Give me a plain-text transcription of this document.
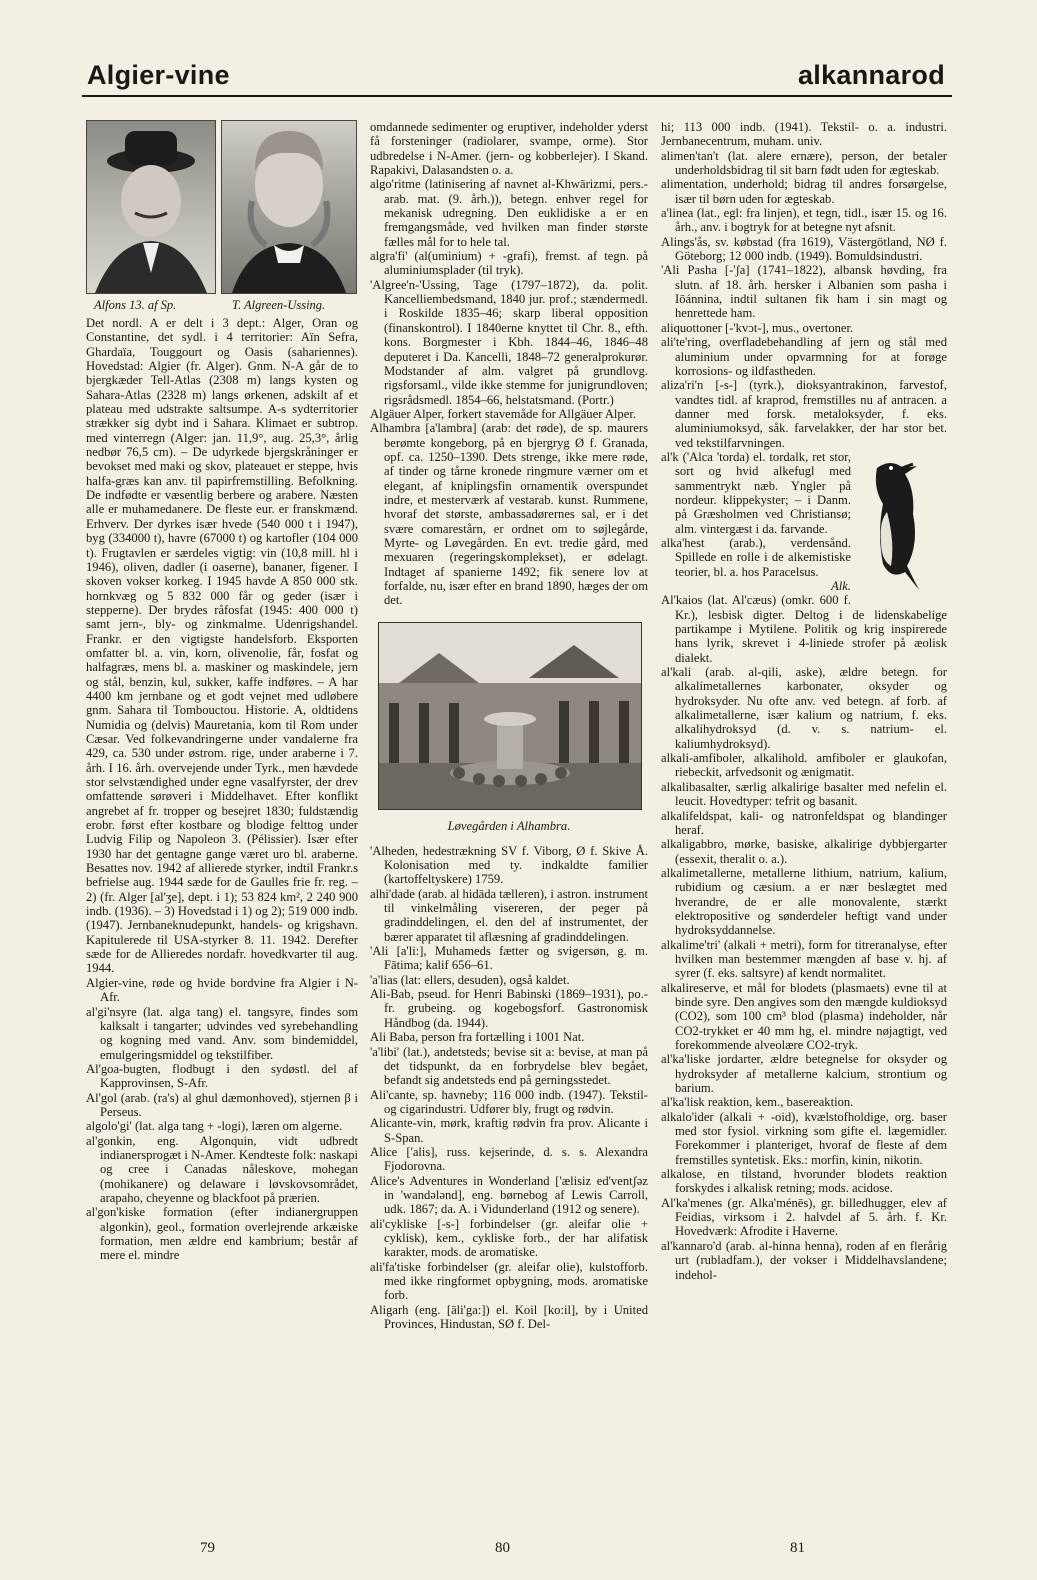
Algier-vine	alkannarod
Alfons 13. af Sp.	T. Algreen-Ussing.

Det nordl. A er delt i 3 dept.: Alger, Oran og Constantine, det sydl. i 4 territorier: Aïn Sefra, Ghardaïa, Touggourt og Oasis (sahariennes). Hovedstad: Algier (fr. Alger). Gnm. N-A går de to bjergkæder Tell-Atlas (2308 m) langs kysten og Sahara-Atlas (2328 m) langs ørkenen, adskilt af et plateau med udstrakte saltsumpe. A-s sydterritorier strækker sig dybt ind i Sahara. Klimaet er subtrop. med vinterregn (Alger: jan. 11,9°, aug. 25,3°, årlig nedbør 76,5 cm). – De udyrkede bjergskråninger er bevokset med maki og skov, plateauet er steppe, hvis halfa-græs kan anv. til papirfremstilling. Befolkning. De indfødte er væsentlig berbere og arabere. Næsten alle er muhamedanere. De fleste eur. er franskmænd. Erhverv. Der dyrkes især hvede (540 000 t i 1947), byg (334000 t), havre (67000 t) og kartofler (104 000 t). Frugtavlen er særdeles vigtig: vin (10,8 mill. hl i 1946), oliven, dadler (i oaserne), bananer, figener. I skoven vokser korkeg. I 1945 havde A 850 000 stk. hornkvæg og 5 832 000 får og geder (især i stepperne). Der brydes råfosfat (1945: 400 000 t) samt jern-, bly- og zinkmalme. Udenrigshandel. Frankr. er den vigtigste handelsforb. Eksporten omfatter bl. a. vin, korn, olivenolie, får, fosfat og halfagræs, mens bl. a. maskiner og maskindele, jern og stål, benzin, kul, sukker, kaffe indføres. – A har 4400 km jernbane og et godt vejnet med udløbere gnm. Sahara til Tombouctou. Historie. A, oldtidens Numidia og (delvis) Mauretania, kom til Rom under Cæsar. Ved folkevandringerne under vandalerne fra 429, ca. 530 under østrom. rige, under araberne i 7. årh. I 16. årh. overvejende under Tyrk., men hævdede stor selvstændighed under egne vasalfyrster, der drev omfattende sørøveri i Middelhavet. Efter konflikt angrebet af fr. tropper og besejret 1830; fuldstændig erobr. først efter kostbare og blodige felttog under Ludvig Filip og Napoleon 3. (Pélissier). Især efter 1930 har det gentagne gange været uro bl. araberne. Besattes nov. 1942 af allierede styrker, indtil Frankr.s befrielse aug. 1944 sæde for de Gaulles frie fr. reg. – 2) (fr. Alger [al'ʒe], dept. i 1); 53 824 km², 2 240 900 indb. (1936). – 3) Hovedstad i 1) og 2); 519 000 indb. (1947). Jernbaneknudepunkt, handels- og krigshavn. Kapitulerede til USA-styrker 8. 11. 1942. Derefter sæde for de Allieredes nordafr. hovedkvarter til aug. 1944.

Algier-vine, røde og hvide bordvine fra Algier i N-Afr.

al'gi'nsyre (lat. alga tang) el. tangsyre, findes som kalksalt i tangarter; udvindes ved syrebehandling og kogning med vand. Anv. som bindemiddel, emulgeringsmiddel og tekstilfiber.

Al'goa-bugten, flodbugt i den sydøstl. del af Kapprovinsen, S-Afr.

Al'gol (arab. (ra's) al ghul dæmonhoved), stjernen β i Perseus.

algolo'gi' (lat. alga tang + -logi), læren om algerne.

al'gonkin, eng. Algonquin, vidt udbredt indianersprogæt i N-Amer. Kendteste folk: naskapi og cree i Canadas nåleskove, mohegan (mohikanere) og delaware i løvskovsområdet, arapaho, cheyenne og blackfoot på prærien.

al'gon'kiske formation (efter indianergruppen algonkin), geol., formation overlejrende arkæiske formation, men ældre end kambrium; består af mere el. mindre

omdannede sedimenter og eruptiver, indeholder yderst få forsteninger (radiolarer, svampe, orme). Stor udbredelse i N-Amer. (jern- og kobberlejer). I Skand. Rapakivi, Dalasandsten o. a.

algo'ritme (latinisering af navnet al-Khwārizmi, pers.-arab. mat. (9. årh.)), betegn. enhver regel for mekanisk udregning. Den euklidiske a er en fremgangsmåde, ved hvilken man finder største fælles mål for to hele tal.

algra'fi' (al(uminium) + -grafi), fremst. af tegn. på aluminiumsplader (til tryk).

'Algree'n-'Ussing, Tage (1797–1872), da. polit. Kancelliembedsmand, 1840 jur. prof.; stændermedl. i Roskilde 1835–46; skarp liberal opposition (finanskontrol). I 1840erne knyttet til Chr. 8., efth. kons. Borgmester i Kbh. 1844–46, 1846–48 deputeret i Da. Kancelli, 1848–72 generalprokurør. Modstander af alm. valgret på grundlovg. rigsforsaml., vilde ikke stemme for junigrundloven; rigsrådsmedl. 1854–66, helstatsmand. (Portr.)

Algäuer Alper, forkert stavemåde for Allgäuer Alper.

Alhambra [a'lamb​ra] (arab: det røde), de sp. maurers berømte kongeborg, på en bjergryg Ø f. Granada, opf. ca. 1250–1390. Dets strenge, ikke mere røde, af tinder og tårne kronede ringmure værner om et elegant, af kniplingsfin ornamentik overspundet indre, et mesterværk af vestarab. kunst. Rummene, hvoraf det største, ambassadørernes sal, er i det svære comarestårn, er ordnet om to søjlegårde, Myrte- og Løvegården. En evt. tredie gård, med mexuaren (regeringskomplekset), er ødelagt. Indtaget af spanierne 1492; fik senere lov at forfalde, nu, især efter en brand 1890, hæges der om det.

Løvegården i Alhambra.

'Alheden, hedestrækning SV f. Viborg, Ø f. Skive Å. Kolonisation med ty. indkaldte familier (kartoffeltyskere) 1759.

alhi'dade (arab. al hidāda tælleren), i astron. instrument til vinkelmåling visereren, der peger på gradinddelingen, el. den del af instrumentet, der bærer apparatet til aflæsning af gradinddelingen.

'Ali [a'li:], Muhameds fætter og svigersøn, g. m. Fātima; kalif 656–61.

'a'lias (lat: ellers, desuden), også kaldet.

Ali-Bab, pseud. for Henri Babinski (1869–1931), po.-fr. grubeing. og kogebogsforf. Gastronomisk Håndbog (da. 1944).

Ali Baba, person fra fortælling i 1001 Nat.

'a'libi' (lat.), andetsteds; bevise sit a: bevise, at man på det tidspunkt, da en forbrydelse blev begået, befandt sig andetsteds end på gerningsstedet.

Ali'cante, sp. havneby; 116 000 indb. (1947). Tekstil- og cigarindustri. Udfører bly, frugt og rødvin.

Alicante-vin, mørk, kraftig rødvin fra prov. Alicante i S-Span.

Alice ['alis], russ. kejserinde, d. s. s. Alexandra Fjodorovna.

Alice's Adventures in Wonderland ['ælisiz ed'ventʃəz in 'wandələnd], eng. børnebog af Lewis Carroll, udk. 1867; da. A. i Vidunderland (1912 og senere).

ali'cykliske [-s-] forbindelser (gr. aleifar olie + cyklisk), kem., cykliske forb., der har alifatisk karakter, mods. de aromatiske.

ali'fa'tiske forbindelser (gr. aleifar olie), kulstofforb. med ikke ringformet opbygning, mods. aromatiske forb.

Aligarh (eng. [āli'ga:]) el. Koil [ko:il], by i United Provinces, Hindustan, SØ f. Del-

hi; 113 000 indb. (1941). Tekstil- o. a. industri. Jernbanecentrum, muham. univ.

alimen'tan't (lat. alere ernære), person, der betaler underholdsbidrag til sit barn født uden for ægteskab.

alimentation, underhold; bidrag til andres forsørgelse, især til børn uden for ægteskab.

a'linea (lat., egl: fra linjen), et tegn, tidl., især 15. og 16. årh., anv. i bogtryk for at betegne nyt afsnit.

Alings'ås, sv. købstad (fra 1619), Västergötland, NØ f. Göteborg; 12 000 indb. (1949). Bomuldsindustri.

'Ali Pasha [-'ʃa] (1741–1822), albansk høvding, fra slutn. af 18. årh. hersker i Albanien som pasha i Iōánnina, indtil sultanen fik ham i sin magt og henrettede ham.

aliquottoner [-'kvɔt-], mus., overtoner.

ali'te'ring, overfladebehandling af jern og stål med aluminium under opvarmning for at forøge korrosions- og ildfastheden.

aliza'ri'n [-s-] (tyrk.), dioksyantrakinon, farvestof, vandtes tidl. af kraprod, fremstilles nu af antracen. a danner med forsk. metaloksyder, f. eks. aluminiumoksyd, såk. farvelakker, der har stor bet. ved tekstilfarvningen.

al'k ('Alca 'torda) el. tordalk, ret stor, sort og hvid alkefugl med sammentrykt næb. Yngler på nordeur. klippekyster; – i Danm. på Græsholmen ved Christiansø; alm. vintergæst i da. farvande.

alka'hest (arab.), verdensånd. Spillede en rolle i de alkemistiske teorier, bl. a. hos Paracelsus.

Alk.

Al'kaios (lat. Al'cæus) (omkr. 600 f. Kr.), lesbisk digter. Deltog i de lidenskabelige partikampe i Mytilene. Politik og krig inspirerede hans lyrik, skrevet i 4-liniede strofer på æolisk dialekt.

al'kali (arab. al-qili, aske), ældre betegn. for alkalimetallernes karbonater, oksyder og hydroksyder. Nu ofte anv. ved betegn. af forb. af alkalimetallerne, især kalium og natrium, f. eks. alkalihydroksyd (d. v. s. natrium- el. kaliumhydroksyd).

alkali-amfiboler, alkalihold. amfiboler er glaukofan, riebeckit, arfvedsonit og ænigmatit.

alkalibasalter, særlig alkalirige basalter med nefelin el. leucit. Hovedtyper: tefrit og basanit.

alkalifeldspat, kali- og natronfeldspat og blandinger heraf.

alkaligabbro, mørke, basiske, alkalirige dybbjergarter (essexit, theralit o. a.).

alkalimetallerne, metallerne lithium, natrium, kalium, rubidium og cæsium. a er nær beslægtet med hverandre, de er alle monovalente, stærkt elektropositive og sønderdeler heftigt vand under hydroksyddannelse.

alkalime'tri' (alkali + metri), form for titreranalyse, efter hvilken man bestemmer mængden af base v. hj. af syrer (f. eks. saltsyre) af kendt normalitet.

alkalireserve, et mål for blodets (plasmaets) evne til at binde syre. Den angives som den mængde kuldioksyd (CO2), som 100 cm³ blod (plasma) indeholder, når CO2-trykket er 40 mm hg, el. mindre nøjagtigt, ved forekommende alveolære CO2-tryk.

al'ka'liske jordarter, ældre betegnelse for oksyder og hydroksyder af metallerne kalcium, strontium og barium.

al'ka'lisk reaktion, kem., basereaktion.

alkalo'ider (alkali + -oid), kvælstofholdige, org. baser med stor fysiol. virkning som gifte el. lægemidler. Forekommer i planteriget, hvoraf de fleste af dem fremstilles syntetisk. Eks.: morfin, kinin, nikotin.

alkalose, en tilstand, hvorunder blodets reaktion forskydes i alkalisk retning; mods. acidose.

Al'ka'menes (gr. Alka'ménēs), gr. billedhugger, elev af Feidias, virksom i 2. halvdel af 5. årh. f. Kr. Hovedværk: Afrodite i Haverne.

al'kannaro'd (arab. al-hinna henna), roden af en flerårig urt (rubladfam.), der vokser i Middelhavslandene; indehol-

79	80	81
